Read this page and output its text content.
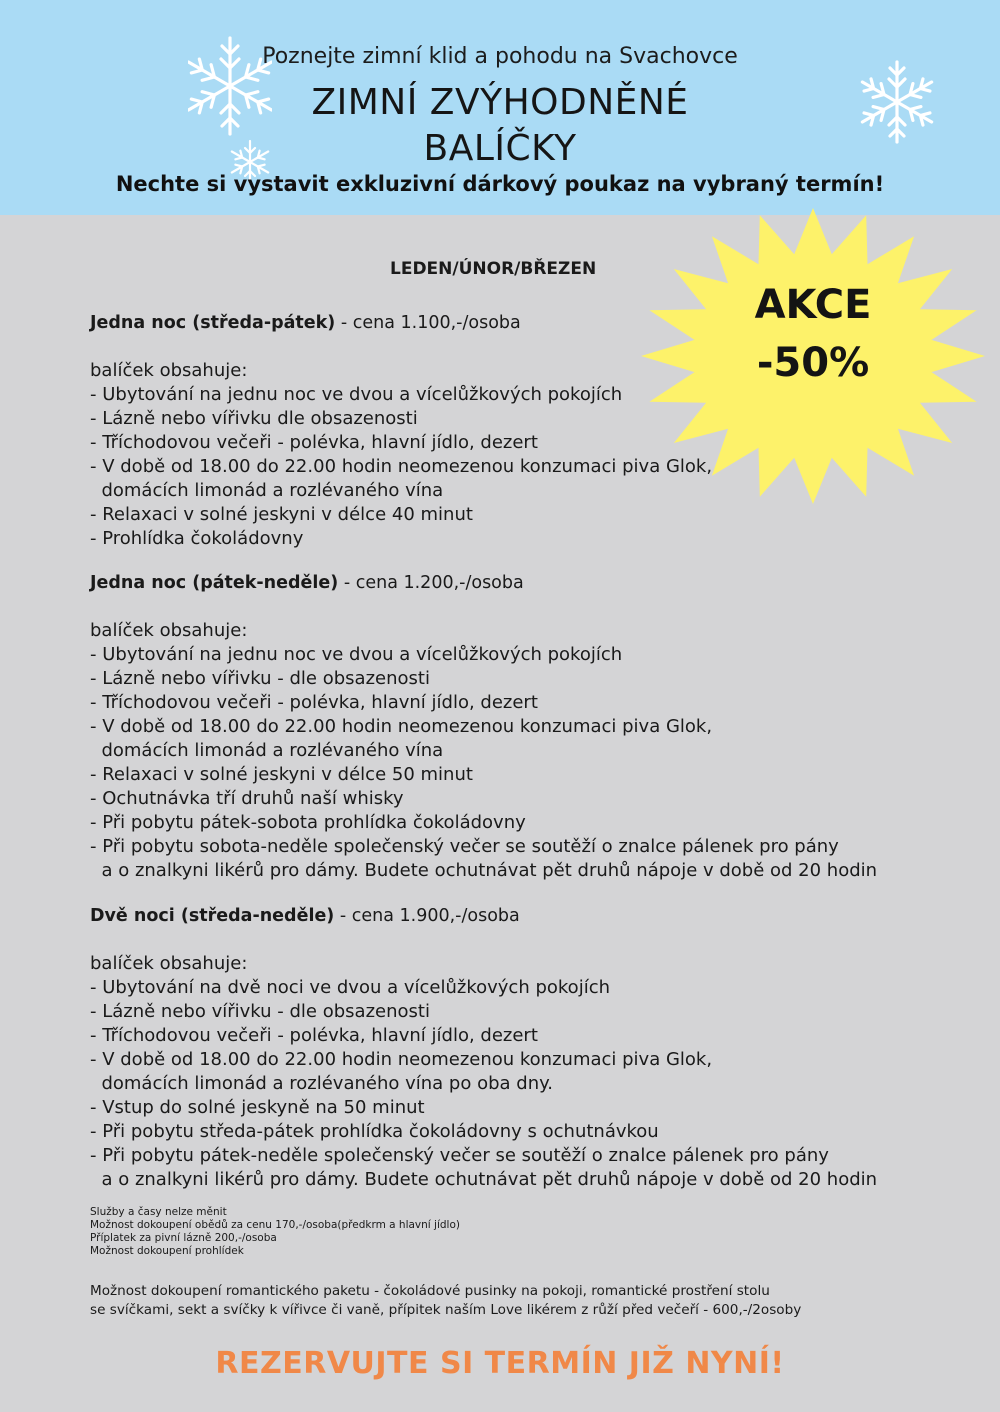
Poznejte zimní klid a pohodu na Svachovce
ZIMNÍ ZVÝHODNĚNÉ
BALÍČKY
Nechte si vystavit exkluzivní dárkový poukaz na vybraný termín!
AKCE
-50%
LEDEN/ÚNOR/BŘEZEN
Jedna noc (středa-pátek) - cena 1.100,-/osoba
balíček obsahuje:
- Ubytování na jednu noc ve dvou a vícelůžkových pokojích
- Lázně nebo vířivku dle obsazenosti
- Tříchodovou večeři - polévka, hlavní jídlo, dezert
- V době od 18.00 do 22.00 hodin neomezenou konzumaci piva Glok,
domácích limonád a rozlévaného vína
- Relaxaci v solné jeskyni v délce 40 minut
- Prohlídka čokoládovny
Jedna noc (pátek-neděle) - cena 1.200,-/osoba
balíček obsahuje:
- Ubytování na jednu noc ve dvou a vícelůžkových pokojích
- Lázně nebo vířivku - dle obsazenosti
- Tříchodovou večeři - polévka, hlavní jídlo, dezert
- V době od 18.00 do 22.00 hodin neomezenou konzumaci piva Glok,
domácích limonád a rozlévaného vína
- Relaxaci v solné jeskyni v délce 50 minut
- Ochutnávka tří druhů naší whisky
- Při pobytu pátek-sobota prohlídka čokoládovny
- Při pobytu sobota-neděle společenský večer se soutěží o znalce pálenek pro pány
a o znalkyni likérů pro dámy. Budete ochutnávat pět druhů nápoje v době od 20 hodin
Dvě noci (středa-neděle) - cena 1.900,-/osoba
balíček obsahuje:
- Ubytování na dvě noci ve dvou a vícelůžkových pokojích
- Lázně nebo vířivku - dle obsazenosti
- Tříchodovou večeři - polévka, hlavní jídlo, dezert
- V době od 18.00 do 22.00 hodin neomezenou konzumaci piva Glok,
domácích limonád a rozlévaného vína po oba dny.
- Vstup do solné jeskyně na 50 minut
- Při pobytu středa-pátek prohlídka čokoládovny s ochutnávkou
- Při pobytu pátek-neděle společenský večer se soutěží o znalce pálenek pro pány
a o znalkyni likérů pro dámy. Budete ochutnávat pět druhů nápoje v době od 20 hodin
Služby a časy nelze měnit
Možnost dokoupení obědů za cenu 170,-/osoba(předkrm a hlavní jídlo)
Příplatek za pivní lázně 200,-/osoba
Možnost dokoupení prohlídek
Možnost dokoupení romantického paketu - čokoládové pusinky na pokoji, romantické prostření stolu
se svíčkami, sekt a svíčky k vířivce či vaně, přípitek naším Love likérem z růží před večeří - 600,-/2osoby
REZERVUJTE SI TERMÍN JIŽ NYNÍ!
